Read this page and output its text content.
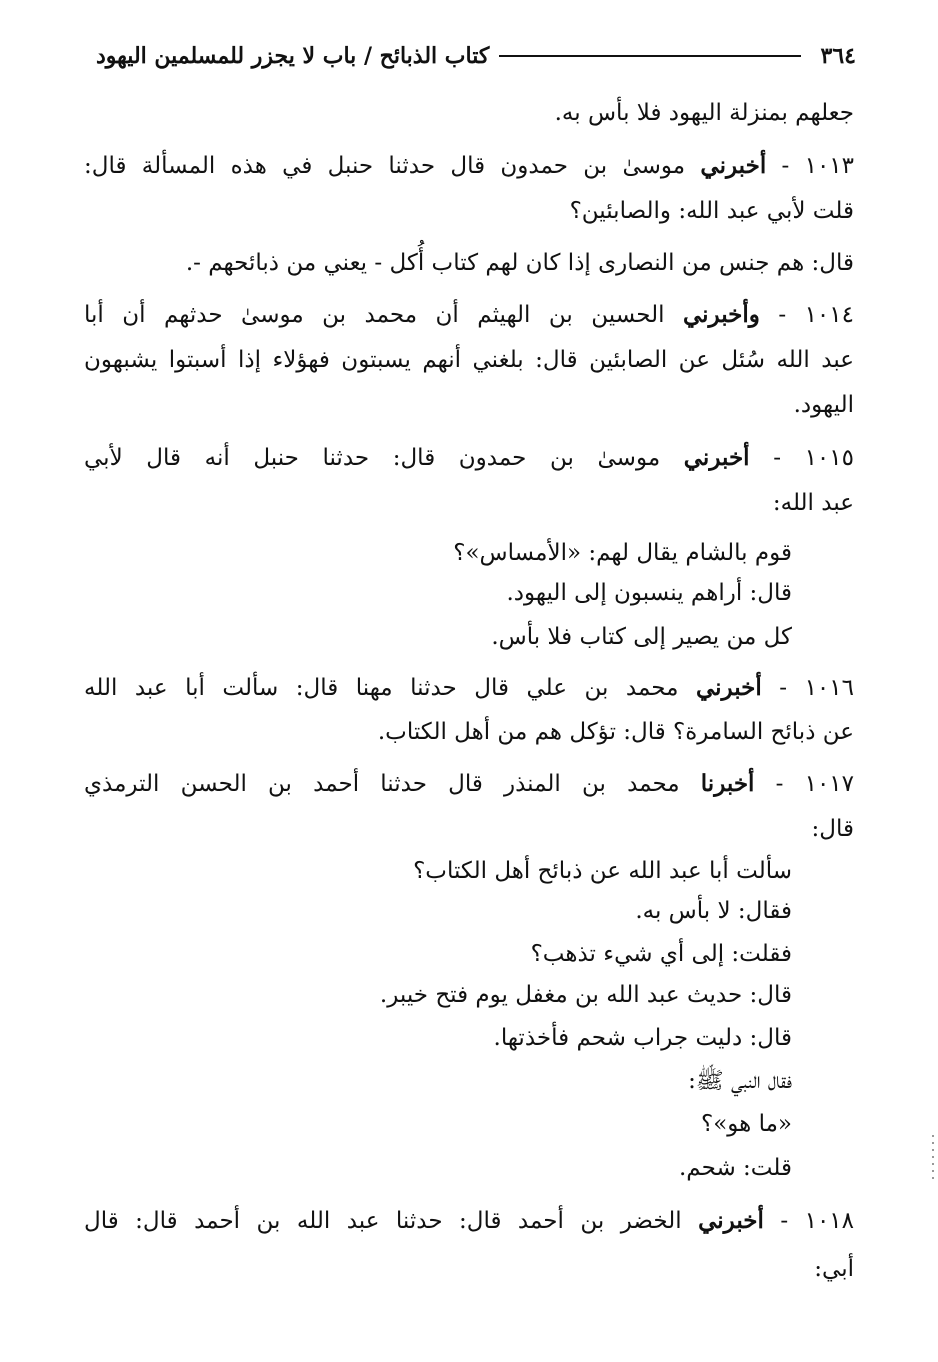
٣٦٤
كتاب الذبائح / باب لا يجزر للمسلمين اليهود
جعلهم بمنزلة اليهود فلا بأس به.
١٠١٣ - أخبرني موسىٰ بن حمدون قال حدثنا حنبل في هذه المسألة قال:
قلت لأبي عبد الله: والصابئين؟
قال: هم جنس من النصارى إذا كان لهم كتاب أُكل - يعني من ذبائحهم -.
١٠١٤ - وأخبرني الحسين بن الهيثم أن محمد بن موسىٰ حدثهم أن أبا
عبد الله سُئل عن الصابئين قال: بلغني أنهم يسبتون فهؤلاء إذا أسبتوا يشبهون
اليهود.
١٠١٥ - أخبرني موسىٰ بن حمدون قال: حدثنا حنبل أنه قال لأبي
عبد الله:
قوم بالشام يقال لهم: «الأمساس»؟
قال: أراهم ينسبون إلى اليهود.
كل من يصير إلى كتاب فلا بأس.
١٠١٦ - أخبرني محمد بن علي قال حدثنا مهنا قال: سألت أبا عبد الله
عن ذبائح السامرة؟ قال: تؤكل هم من أهل الكتاب.
١٠١٧ - أخبرنا محمد بن المنذر قال حدثنا أحمد بن الحسن الترمذي
قال:
سألت أبا عبد الله عن ذبائح أهل الكتاب؟
فقال: لا بأس به.
فقلت: إلى أي شيء تذهب؟
قال: حديث عبد الله بن مغفل يوم فتح خيبر.
قال: دليت جراب شحم فأخذتها.
فقال النبي ﷺ:
«ما هو»؟
قلت: شحم.
١٠١٨ - أخبرني الخضر بن أحمد قال: حدثنا عبد الله بن أحمد قال: قال
أبي:
